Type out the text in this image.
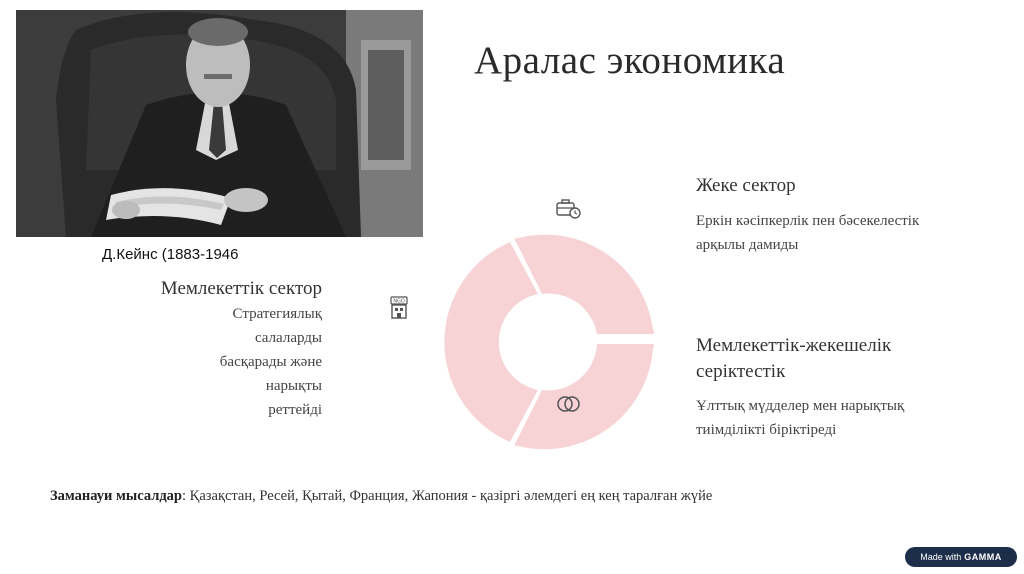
Д.Кейнс (1883-1946
Аралас экономика
Мемлекеттік сектор
Стратегиялық
салаларды
басқарады және
нарықты
реттейді
Жеке сектор
Еркін кәсіпкерлік пен бәсекелестік
арқылы дамиды
Мемлекеттік-жекешелік
серіктестік
Ұлттық мүдделер мен нарықтық
тиімділікті біріктіреді
NGO
Заманауи мысалдар: Қазақстан, Ресей, Қытай, Франция, Жапония - қазіргі әлемдегі ең кең таралған жүйе
Made with GAMMA
